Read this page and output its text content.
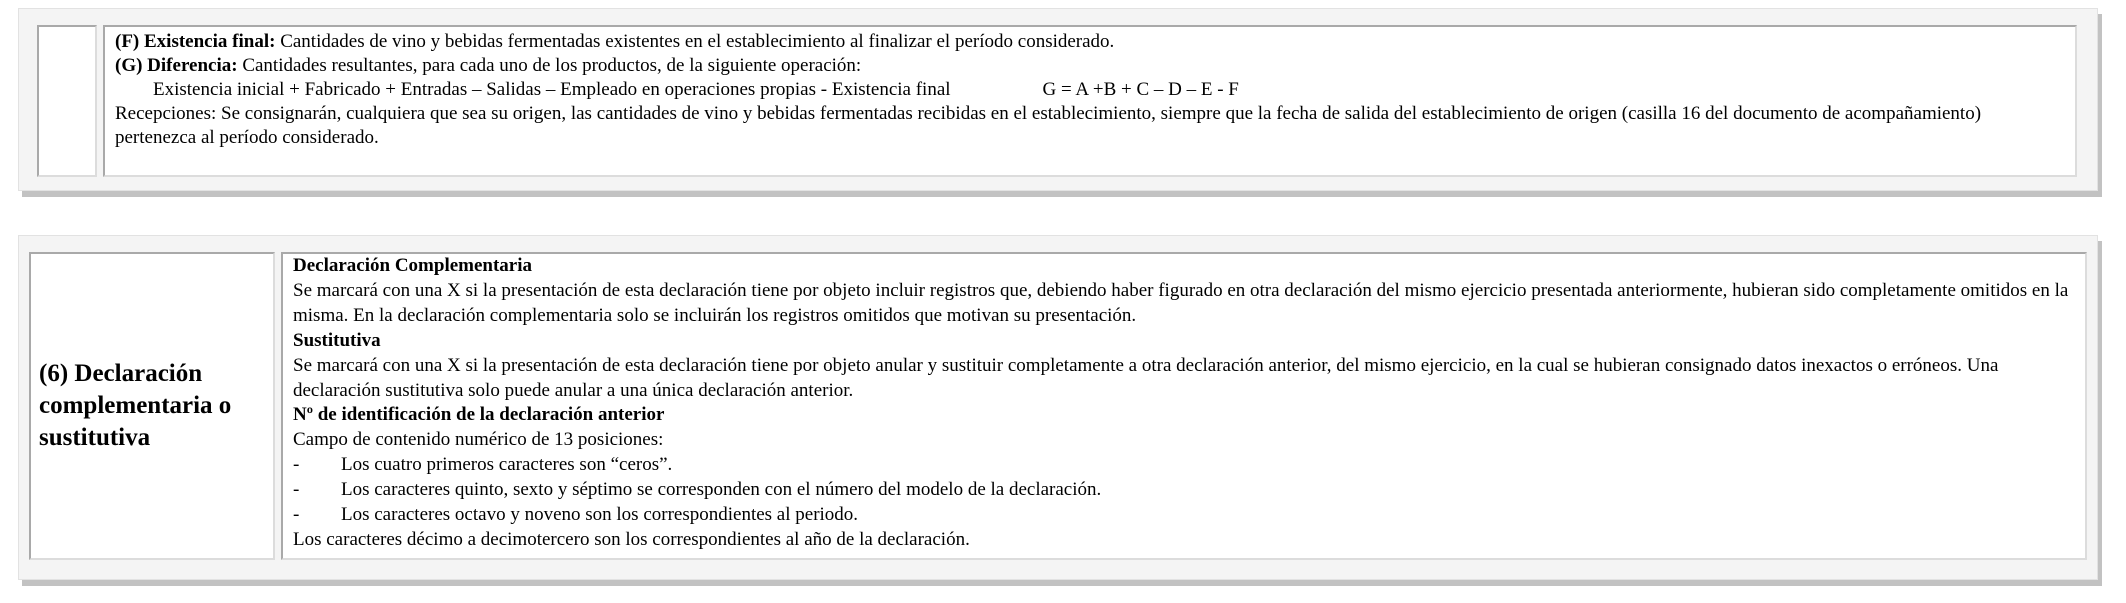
(F) Existencia final: Cantidades de vino y bebidas fermentadas existentes en el establecimiento al finalizar el período considerado.
(G) Diferencia: Cantidades resultantes, para cada uno de los productos, de la siguiente operación:
Existencia inicial + Fabricado + Entradas – Salidas – Empleado en operaciones propias - Existencia final	G = A +B + C – D – E - F
Recepciones: Se consignarán, cualquiera que sea su origen, las cantidades de vino y bebidas fermentadas recibidas en el establecimiento, siempre que la fecha de salida del establecimiento de origen (casilla 16 del documento de acompañamiento) pertenezca al período considerado.
(6) Declaración complementaria o sustitutiva
Declaración Complementaria
Se marcará con una X si la presentación de esta declaración tiene por objeto incluir registros que, debiendo haber figurado en otra declaración del mismo ejercicio presentada anteriormente, hubieran sido completamente omitidos en la misma. En la declaración complementaria solo se incluirán los registros omitidos que motivan su presentación.
Sustitutiva
Se marcará con una X si la presentación de esta declaración tiene por objeto anular y sustituir completamente a otra declaración anterior, del mismo ejercicio, en la cual se hubieran consignado datos inexactos o erróneos. Una declaración sustitutiva solo puede anular a una única declaración anterior.
Nº de identificación de la declaración anterior
Campo de contenido numérico de 13 posiciones:
- Los cuatro primeros caracteres son “ceros”.
- Los caracteres quinto, sexto y séptimo se corresponden con el número del modelo de la declaración.
- Los caracteres octavo y noveno son los correspondientes al periodo.
Los caracteres décimo a decimotercero son los correspondientes al año de la declaración.
